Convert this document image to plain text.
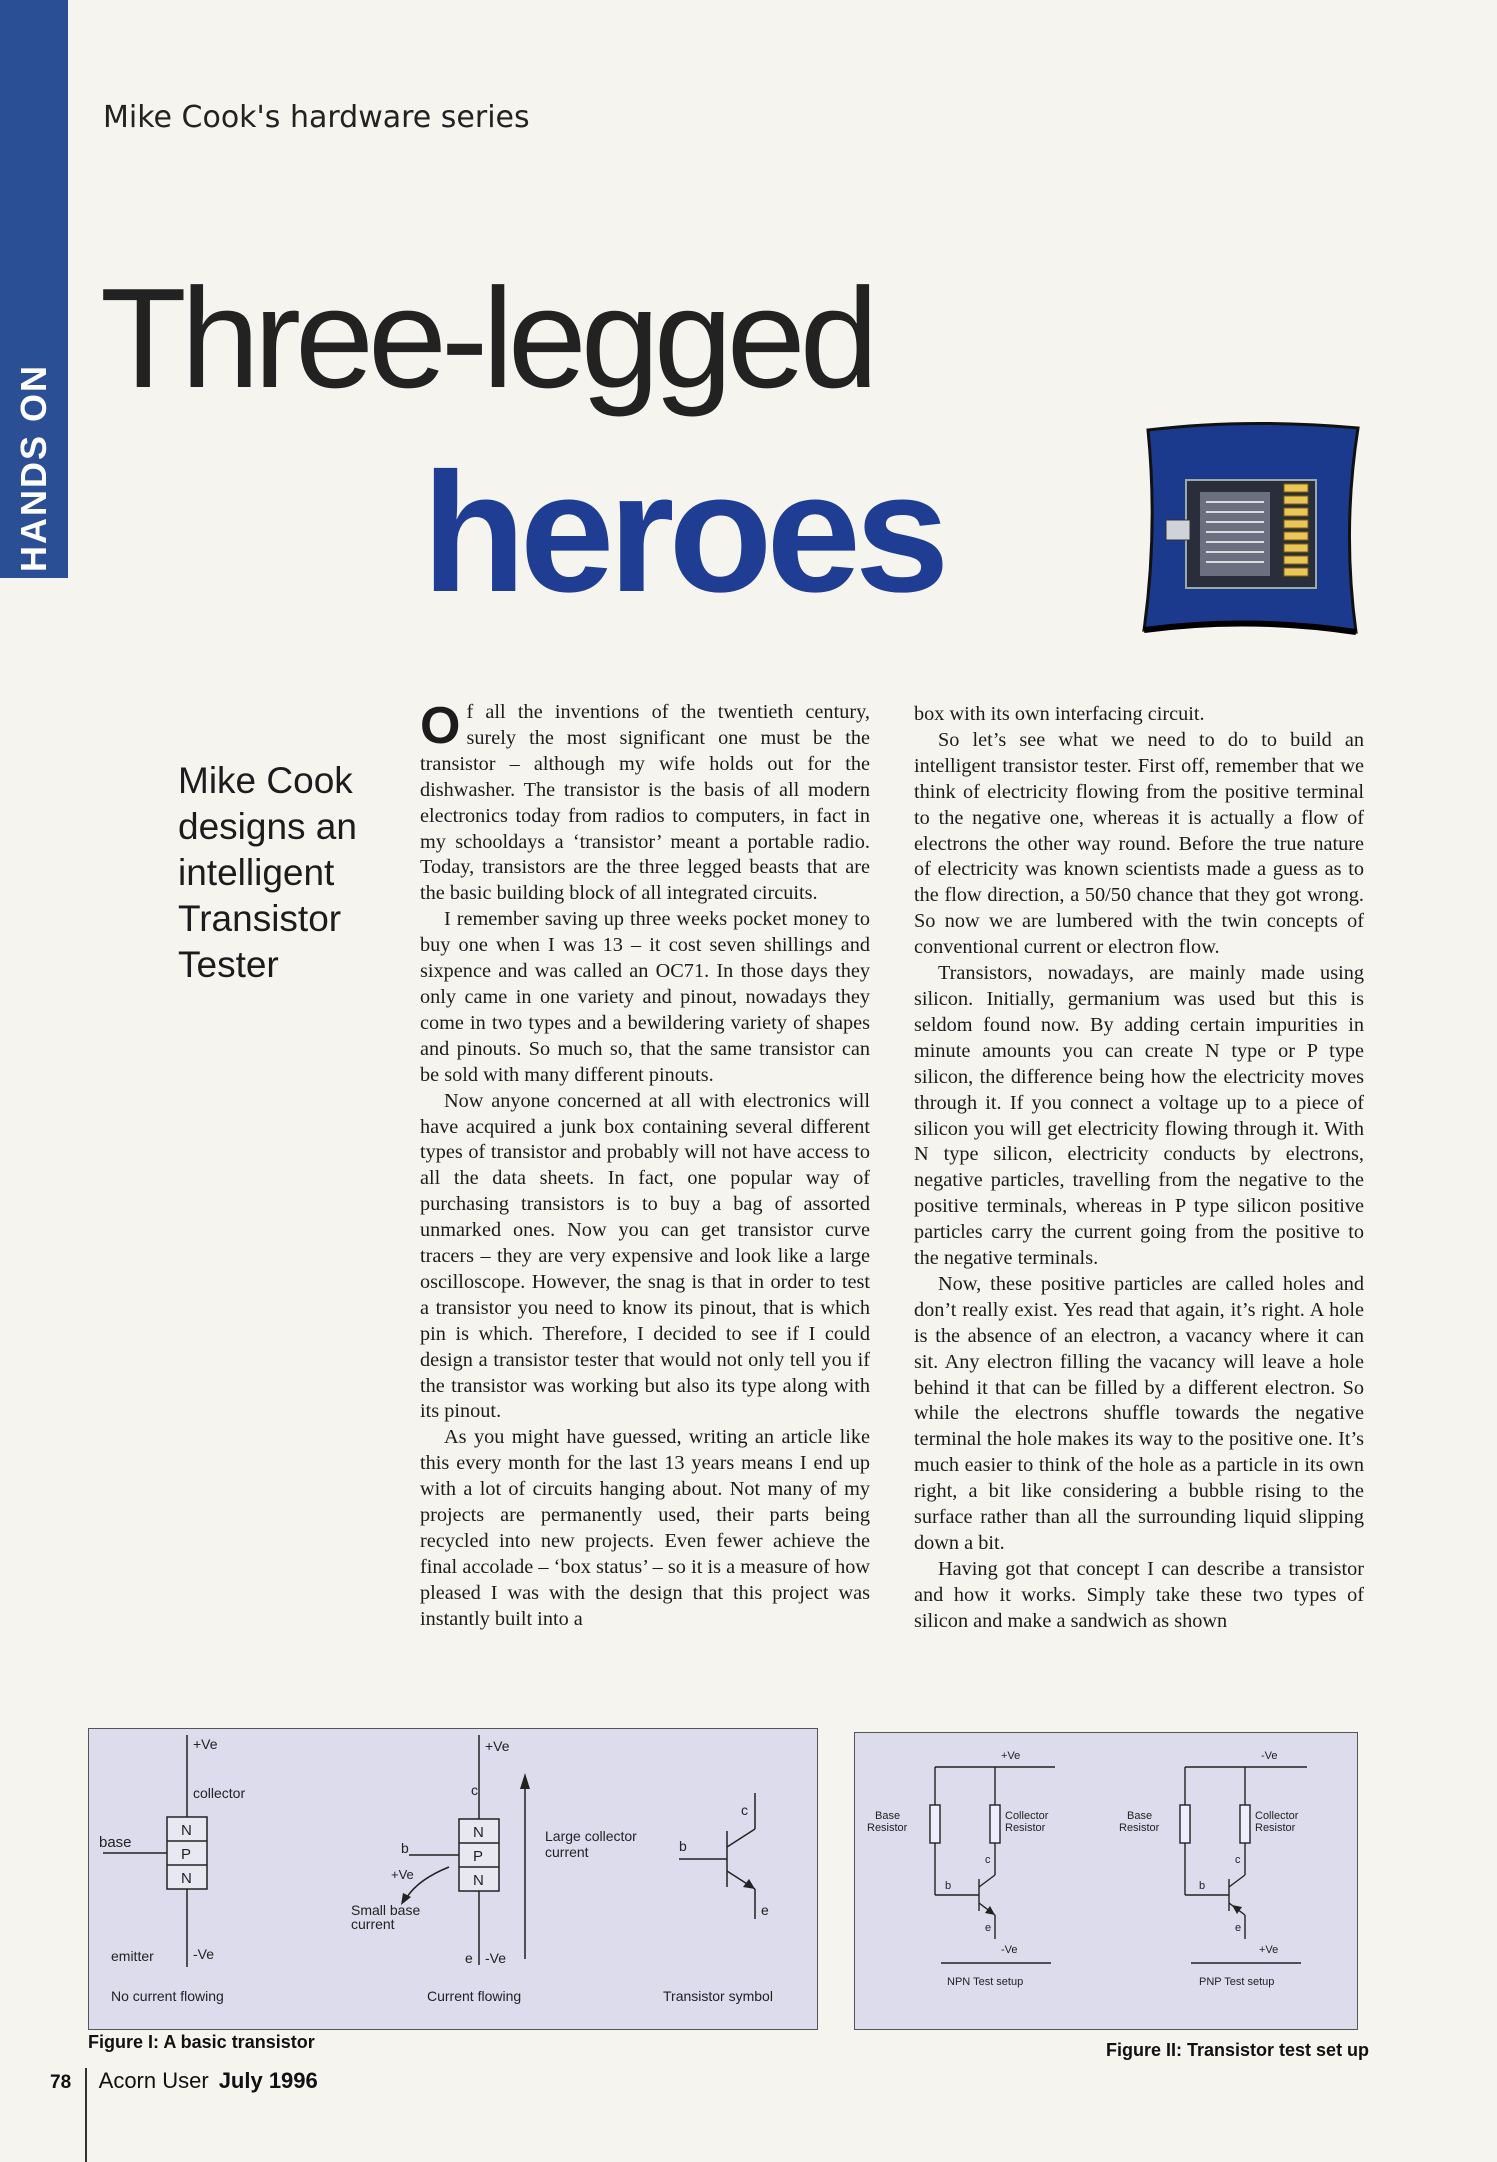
HANDS ON
Mike Cook's hardware series
Three-legged
heroes
Mike Cook designs an intelligent Transistor Tester

Of all the inventions of the twentieth century, surely the most significant one must be the transistor – although my wife holds out for the dishwasher. The transistor is the basis of all modern electronics today from radios to computers, in fact in my schooldays a ‘transistor’ meant a portable radio. Today, transistors are the three legged beasts that are the basic building block of all integrated circuits.

I remember saving up three weeks pocket money to buy one when I was 13 – it cost seven shillings and sixpence and was called an OC71. In those days they only came in one variety and pinout, nowadays they come in two types and a bewildering variety of shapes and pinouts. So much so, that the same transistor can be sold with many different pinouts.

Now anyone concerned at all with electronics will have acquired a junk box containing several different types of transistor and probably will not have access to all the data sheets. In fact, one popular way of purchasing transistors is to buy a bag of assorted unmarked ones. Now you can get transistor curve tracers – they are very expensive and look like a large oscilloscope. However, the snag is that in order to test a transistor you need to know its pinout, that is which pin is which. Therefore, I decided to see if I could design a transistor tester that would not only tell you if the transistor was working but also its type along with its pinout.

As you might have guessed, writing an article like this every month for the last 13 years means I end up with a lot of circuits hanging about. Not many of my projects are permanently used, their parts being recycled into new projects. Even fewer achieve the final accolade – ‘box status’ – so it is a measure of how pleased I was with the design that this project was instantly built into a

box with its own interfacing circuit.

So let’s see what we need to do to build an intelligent transistor tester. First off, remember that we think of electricity flowing from the positive terminal to the negative one, whereas it is actually a flow of electrons the other way round. Before the true nature of electricity was known scientists made a guess as to the flow direction, a 50/50 chance that they got wrong. So now we are lumbered with the twin concepts of conventional current or electron flow.

Transistors, nowadays, are mainly made using silicon. Initially, germanium was used but this is seldom found now. By adding certain impurities in minute amounts you can create N type or P type silicon, the difference being how the electricity moves through it. If you connect a voltage up to a piece of silicon you will get electricity flowing through it. With N type silicon, electricity conducts by electrons, negative particles, travelling from the negative to the positive terminals, whereas in P type silicon positive particles carry the current going from the positive to the negative terminals.

Now, these positive particles are called holes and don’t really exist. Yes read that again, it’s right. A hole is the absence of an electron, a vacancy where it can sit. Any electron filling the vacancy will leave a hole behind it that can be filled by a different electron. So while the electrons shuffle towards the negative terminal the hole makes its way to the positive one. It’s much easier to think of the hole as a particle in its own right, a bit like considering a bubble rising to the surface rather than all the surrounding liquid slipping down a bit.

Having got that concept I can describe a transistor and how it works. Simply take these two types of silicon and make a sandwich as shown

+Ve
collector
base
N
P
N
emitter	-Ve
No current flowing
+Ve
c
b
N
P
N
Large collector
current
+Ve
Small base
current
e -Ve
Current flowing
c
b
e
Transistor symbol
Figure I: A basic transistor
+Ve
Base
Resistor
Collector
Resistor
c
b
e
-Ve
NPN Test setup
-Ve
Base
Resistor
Collector
Resistor
c
b
e
+Ve
PNP Test setup
Figure II: Transistor test set up
78 Acorn User July 1996
